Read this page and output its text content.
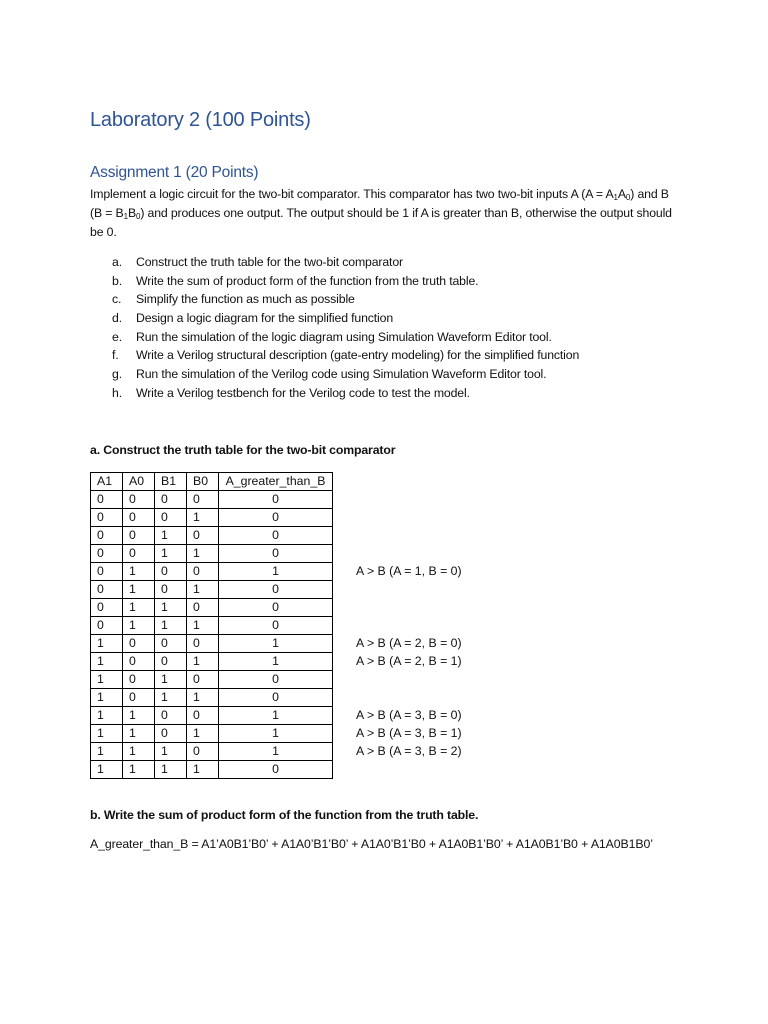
Laboratory 2 (100 Points)
Assignment 1 (20 Points)
Implement a logic circuit for the two-bit comparator. This comparator has two two-bit inputs A $(A = A_1A_0)$ and B $(B = B_1B_0)$ and produces one output. The output should be 1 if A is greater than B, otherwise the output should be 0.
a. Construct the truth table for the two-bit comparator
b. Write the sum of product form of the function from the truth table.
c. Simplify the function as much as possible
d. Design a logic diagram for the simplified function
e. Run the simulation of the logic diagram using Simulation Waveform Editor tool.
f. Write a Verilog structural description (gate-entry modeling) for the simplified function
g. Run the simulation of the Verilog code using Simulation Waveform Editor tool.
h. Write a Verilog testbench for the Verilog code to test the model.
a. Construct the truth table for the two-bit comparator
A1	A0	B1	B0	A_greater_than_B
0	0	0	0	0
0	0	0	1	0
0	0	1	0	0
0	0	1	1	0
0	1	0	0	1
0	1	0	1	0
0	1	1	0	0
0	1	1	1	0
1	0	0	0	1
1	0	0	1	1
1	0	1	0	0
1	0	1	1	0
1	1	0	0	1
1	1	0	1	1
1	1	1	0	1
1	1	1	1	0
A > B (A = 1, B = 0)
A > B (A = 2, B = 0)
A > B (A = 2, B = 1)
A > B (A = 3, B = 0)
A > B (A = 3, B = 1)
A > B (A = 3, B = 2)
b. Write the sum of product form of the function from the truth table.
A_greater_than_B = A1’A0B1’B0’ + A1A0’B1’B0’ + A1A0’B1’B0 + A1A0B1’B0’ + A1A0B1’B0 + A1A0B1B0’
